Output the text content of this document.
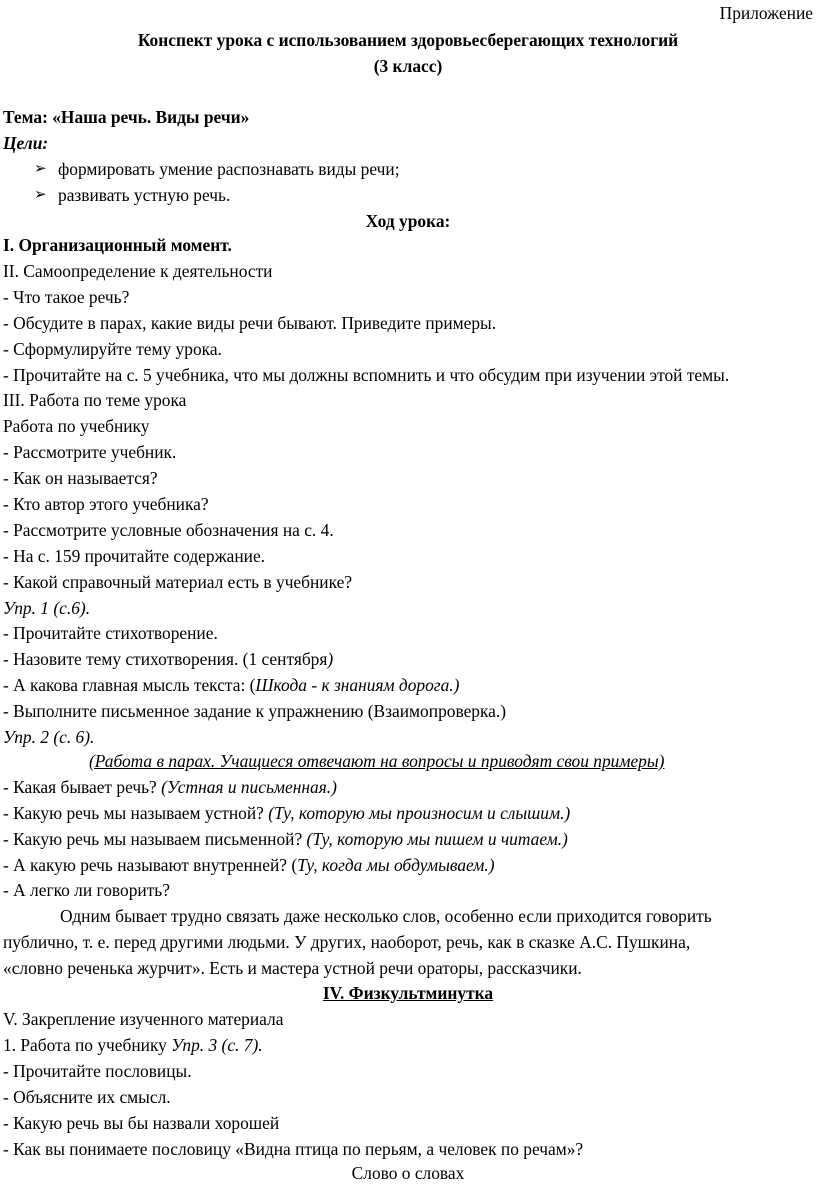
Приложение
Конспект урока с использованием здоровьесберегающих технологий
(3 класс)
Тема: «Наша речь. Виды речи»
Цели:
➢ формировать умение распознавать виды речи;
➢ развивать устную речь.
Ход урока:
I. Организационный момент.
II. Самоопределение к деятельности
- Что такое речь?
- Обсудите в парах, какие виды речи бывают. Приведите примеры.
- Сформулируйте тему урока.
- Прочитайте на с. 5 учебника, что мы должны вспомнить и что обсудим при изучении этой темы.
III. Работа по теме урока
Работа по учебнику
- Рассмотрите учебник.
- Как он называется?
- Кто автор этого учебника?
- Рассмотрите условные обозначения на с. 4.
- На с. 159 прочитайте содержание.
- Какой справочный материал есть в учебнике?
Упр. 1 (с.6).
- Прочитайте стихотворение.
- Назовите тему стихотворения. (1 сентября)
- А какова главная мысль текста: (Шкода - к знаниям дорога.)
- Выполните письменное задание к упражнению (Взаимопроверка.)
Упр. 2 (с. 6).
(Работа в парах. Учащиеся отвечают на вопросы и приводят свои примеры)
- Какая бывает речь? (Устная и письменная.)
- Какую речь мы называем устной? (Ту, которую мы произносим и слышим.)
- Какую речь мы называем письменной? (Ту, которую мы пишем и читаем.)
- А какую речь называют внутренней? (Ту, когда мы обдумываем.)
- А легко ли говорить?
Одним бывает трудно связать даже несколько слов, особенно если приходится говорить
публично, т. е. перед другими людьми. У других, наоборот, речь, как в сказке А.С. Пушкина,
«словно реченька журчит». Есть и мастера устной речи ораторы, рассказчики.
IV. Физкультминутка
V. Закрепление изученного материала
1. Работа по учебнику Упр. 3 (с. 7).
- Прочитайте пословицы.
- Объясните их смысл.
- Какую речь вы бы назвали хорошей
- Как вы понимаете пословицу «Видна птица по перьям, а человек по речам»?
Слово о словах
